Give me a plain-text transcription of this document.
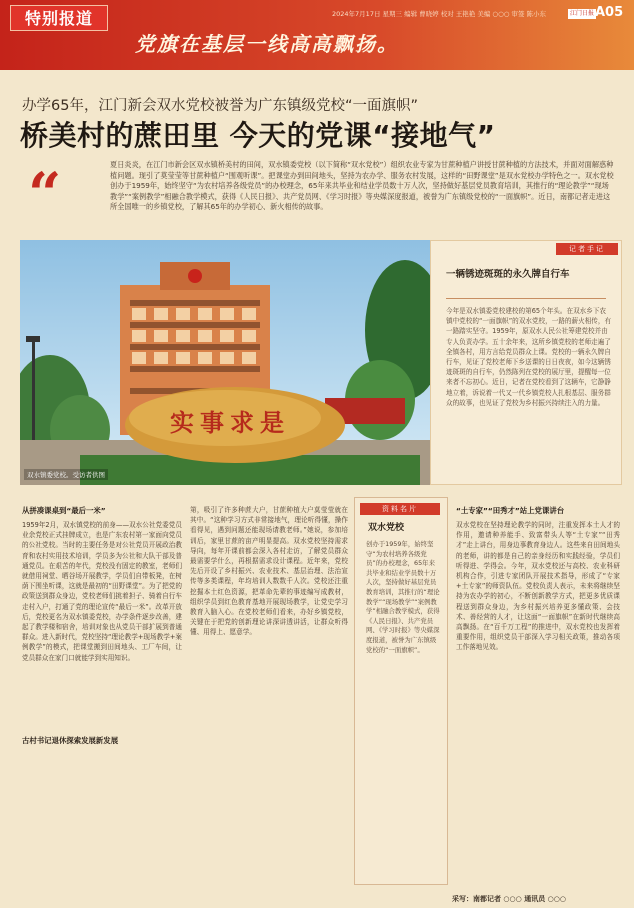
特别报道	2024年7月17日 星期三 编辑 曹晓婷 校对 王艳艳 美编 ○○○ 审签 陈小东	江门日报 A05
党旗在基层一线高高飘扬。
办学65年，江门新会双水党校被誉为广东镇级党校“一面旗帜”
桥美村的蔗田里 今天的党课“接地气”
“	夏日炎炎，在江门市新会区双水镇桥美村的田间，双水镇委党校（以下简称“双水党校”）组织农业专家为甘蔗种植户讲授甘蔗种植的方法技术，并面对面解惑种植问题。现引了莫莹莹等甘蔗种植户“围观听课”。把课堂办到田间地头，坚持为农办学、服务农村发展，这样的“田野课堂”是双水党校办学特色之一。双水党校创办于1959年，始终坚守“为农村培养各级党员”的办校理念，65年来共毕业和结业学员数十万人次，坚持做好基层党员教育培训，其推行的“理论教学”“现场教学”“案例教学”相融合教学模式，获得《人民日报》、共产党员网、《学习时报》等央媒深度报道，被誉为广东镇级党校的“一面旗帜”。近日，南都记者走进这所全国唯一的乡镇党校，了解其65年的办学初心、新火相传的故事。
实事求是
双水镇委党校。受访者供图
记者手记
一辆锈迹斑斑的永久牌自行车
今年是双水镇委党校建校的第65个年头。在双水乡下农镇中党校的“一面旗帜”的双水党校，一路的薪火相传，有一路踏实坚守。1959年，原双水人民公社筹建党校并由专人负责办学。五十余年来，这所乡镇党校的老师走遍了全镇各村，用方言给党员群众上课。党校的一辆永久牌自行车，见证了党校老师下乡送课的日日夜夜，如今这辆锈迹斑斑的自行车，仍然陈列在党校的展厅里，提醒每一位来者不忘初心。近日，记者在党校看到了这辆车，它静静地立着，诉说着一代又一代乡镇党校人扎根基层、服务群众的故事，也见证了党校为乡村振兴持续注入的力量。
从拼凑课桌到“最后一米”
1959年2月，双水镇党校的前身——双水公社党委党员业余党校正式挂牌成立，也是广东农村第一家面向党员的公社党校。当时的主要任务是对公社党员开展政治教育和农村实用技术培训，学员多为公社和大队干部及普通党员。在艰苦的年代，党校没有固定的教室，老师们就借用祠堂、晒谷场开展教学，学员们自带板凳，在树荫下围坐听课，这就是最初的“田野课堂”。为了把党的政策送到群众身边，党校老师们挑着担子、骑着自行车走村入户，打通了党的理论宣传“最后一米”。改革开放后，党校更名为双水镇委党校，办学条件逐步改善，建起了教学楼和宿舍，培训对象也从党员干部扩展到普通群众。进入新时代，党校坚持“理论教学+现场教学+案例教学”的模式，把课堂搬到田间地头、工厂车间，让党员群众在家门口就能学到实用知识。
古村书记退休探索发展新发展
第，吸引了许多种蔗大户，甘蔗种植大户莫莹莹就在其中。“这种学习方式非常接地气，理论听得懂，操作看得见，遇到问题还能现场请教老师。”她说，参加培训后，家里甘蔗的亩产明显提高。双水党校坚持需求导向，每年开课前都会深入各村走访，了解党员群众最需要学什么，再根据需求设计课程。近年来，党校先后开设了乡村振兴、农业技术、基层治理、法治宣传等多类课程，年均培训人数数千人次。党校还注重挖掘本土红色资源，把革命先辈的事迹编写成教材，组织学员到红色教育基地开展现场教学，让党史学习教育入脑入心。在党校老师们看来，办好乡镇党校，关键在于把党的创新理论讲深讲透讲活，让群众听得懂、用得上、愿意学。
资料名片
双水党校
创办于1959年，始终坚守“为农村培养各级党员”的办校理念，65年来共毕业和结业学员数十万人次，坚持做好基层党员教育培训，其推行的“理论教学”“现场教学”“案例教学”相融合教学模式，获得《人民日报》、共产党员网、《学习时报》等央媒深度报道，被誉为广东镇级党校的“一面旗帜”。
“土专家”“田秀才”站上党课讲台
双水党校在坚持理论教学的同时，注重发挥本土人才的作用，邀请种养能手、致富带头人等“土专家”“田秀才”走上讲台，用身边事教育身边人。这些来自田间地头的老师，讲的都是自己的亲身经历和实践经验，学员们听得进、学得会。今年，双水党校还与高校、农业科研机构合作，引进专家团队开展技术指导，形成了“专家+土专家”的师资队伍。党校负责人表示，未来将继续坚持为农办学的初心，不断创新教学方式，把更多优质课程送到群众身边，为乡村振兴培养更多懂政策、会技术、善经营的人才，让这面“一面旗帜”在新时代继续高高飘扬。在“百千万工程”的推进中，双水党校也发挥着重要作用，组织党员干部深入学习相关政策，推动各项工作落地见效。
采写：南都记者 ○○○ 通讯员 ○○○
